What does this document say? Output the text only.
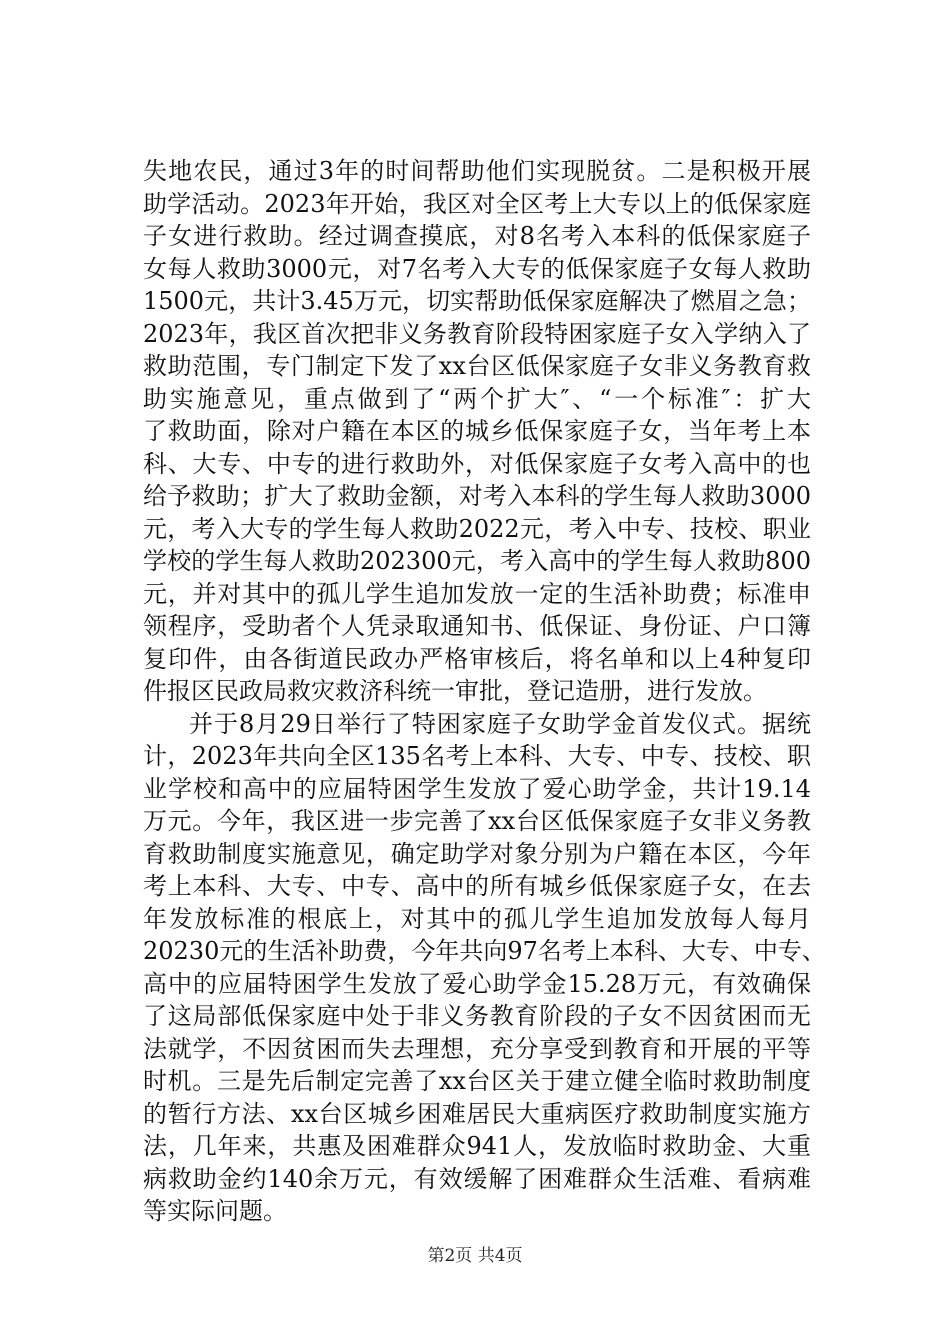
失地农民，通过3年的时间帮助他们实现脱贫。二是积极开展
助学活动。2023年开始，我区对全区考上大专以上的低保家庭
子女进行救助。经过调查摸底，对8名考入本科的低保家庭子
女每人救助3000元，对7名考入大专的低保家庭子女每人救助
1500元，共计3.45万元，切实帮助低保家庭解决了燃眉之急；
2023年，我区首次把非义务教育阶段特困家庭子女入学纳入了
救助范围，专门制定下发了xx台区低保家庭子女非义务教育救
助实施意见，重点做到了“两个扩大″、“一个标准″：扩大
了救助面，除对户籍在本区的城乡低保家庭子女，当年考上本
科、大专、中专的进行救助外，对低保家庭子女考入高中的也
给予救助；扩大了救助金额，对考入本科的学生每人救助3000
元，考入大专的学生每人救助2022元，考入中专、技校、职业
学校的学生每人救助202300元，考入高中的学生每人救助800
元，并对其中的孤儿学生追加发放一定的生活补助费；标准申
领程序，受助者个人凭录取通知书、低保证、身份证、户口簿
复印件，由各街道民政办严格审核后，将名单和以上4种复印
件报区民政局救灾救济科统一审批，登记造册，进行发放。
并于8月29日举行了特困家庭子女助学金首发仪式。据统
计，2023年共向全区135名考上本科、大专、中专、技校、职
业学校和高中的应届特困学生发放了爱心助学金，共计19.14
万元。今年，我区进一步完善了xx台区低保家庭子女非义务教
育救助制度实施意见，确定助学对象分别为户籍在本区，今年
考上本科、大专、中专、高中的所有城乡低保家庭子女，在去
年发放标准的根底上，对其中的孤儿学生追加发放每人每月
20230元的生活补助费，今年共向97名考上本科、大专、中专、
高中的应届特困学生发放了爱心助学金15.28万元，有效确保
了这局部低保家庭中处于非义务教育阶段的子女不因贫困而无
法就学，不因贫困而失去理想，充分享受到教育和开展的平等
时机。三是先后制定完善了xx台区关于建立健全临时救助制度
的暂行方法、xx台区城乡困难居民大重病医疗救助制度实施方
法，几年来，共惠及困难群众941人，发放临时救助金、大重
病救助金约140余万元，有效缓解了困难群众生活难、看病难
等实际问题。
第2页 共4页
